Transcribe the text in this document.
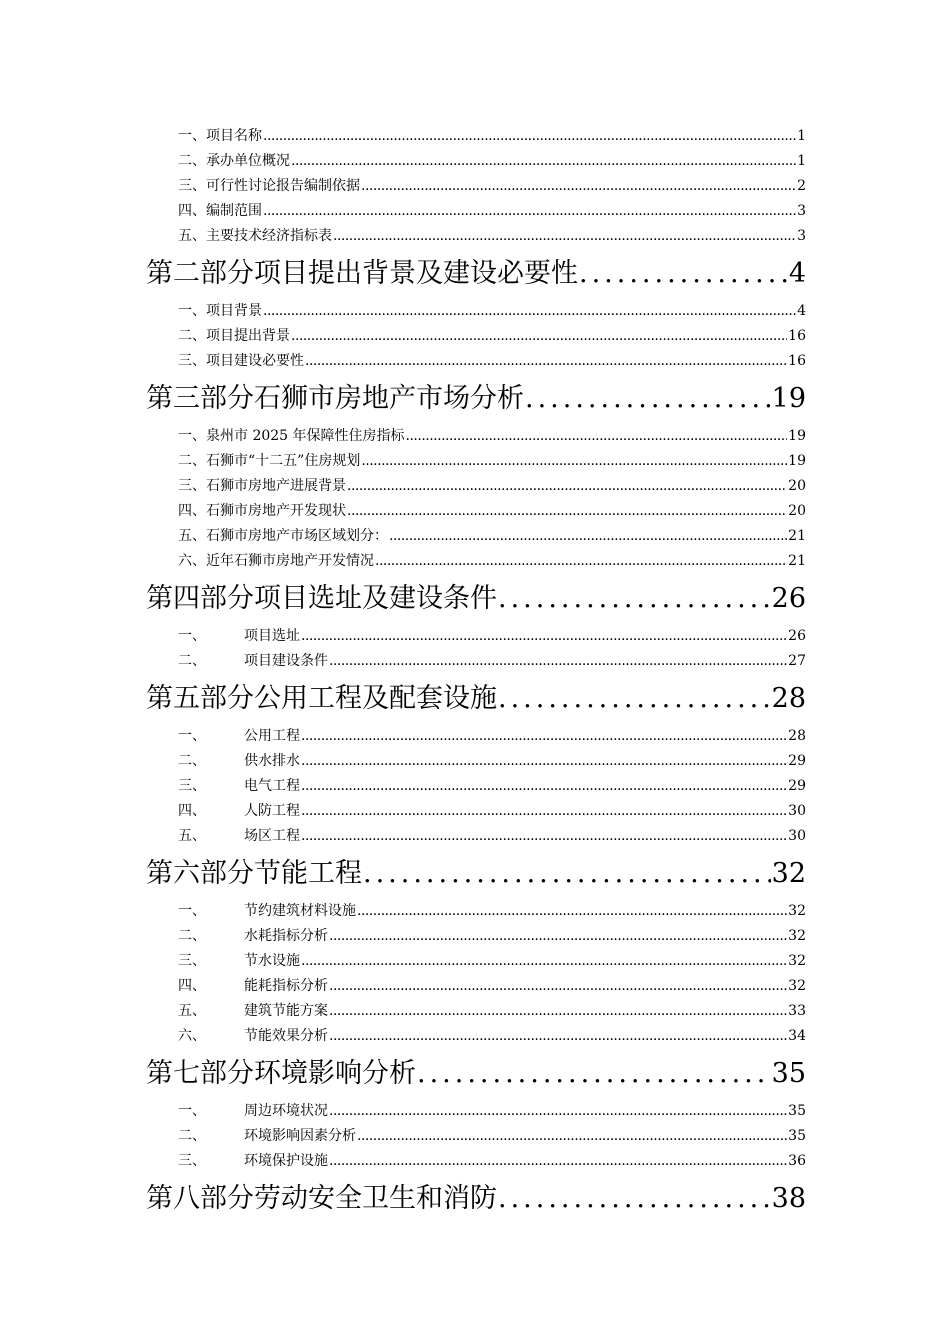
一、 项目名称 .....	1
二、 承办单位概况 .....	1
三、 可行性讨论报告编制依据 .....	2
四、 编制范围 .....	3
五、 主要技术经济指标表 .....	3
第二部分项目提出背景及建设必要性 .....	4
一、 项目背景 .....	4
二、 项目提出背景 .....	16
三、 项目建设必要性 .....	16
第三部分石狮市房地产市场分析 .....	19
一、 泉州市 2025 年保障性住房指标 .....	19
二、 石狮市“十二五”住房规划 .....	19
三、 石狮市房地产进展背景 .....	20
四、 石狮市房地产开发现状 .....	20
五、 石狮市房地产市场区域划分： .....	21
六、 近年石狮市房地产开发情况 .....	21
第四部分项目选址及建设条件 .....	26
一、	项目选址 .....	26
二、	项目建设条件 .....	27
第五部分公用工程及配套设施 .....	28
一、	公用工程 .....	28
二、	供水排水 .....	29
三、	电气工程 .....	29
四、	人防工程 .....	30
五、	场区工程 .....	30
第六部分节能工程 .....	32
一、	节约建筑材料设施 .....	32
二、	水耗指标分析 .....	32
三、	节水设施 .....	32
四、	能耗指标分析 .....	32
五、	建筑节能方案 .....	33
六、	节能效果分析 .....	34
第七部分环境影响分析 .....	35
一、	周边环境状况 .....	35
二、	环境影响因素分析 .....	35
三、	环境保护设施 .....	36
第八部分劳动安全卫生和消防 .....	38
